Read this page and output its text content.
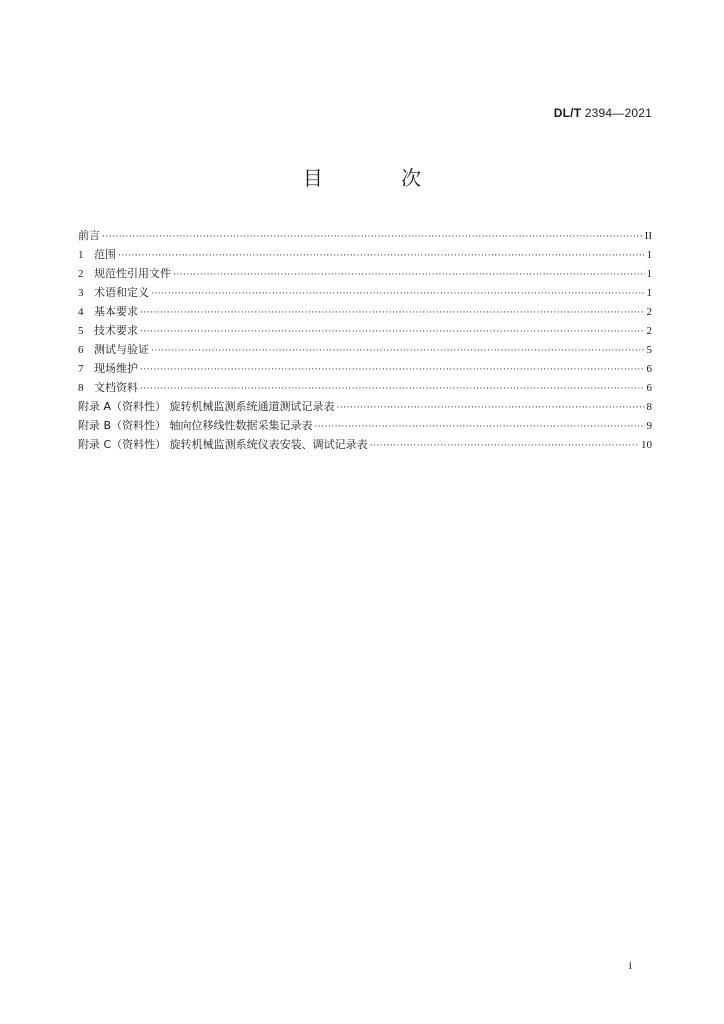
DL/T 2394—2021
目 次
前言 ·····	II
1 范围 ·····	1
2 规范性引用文件 ·····	1
3 术语和定义 ·····	1
4 基本要求 ·····	2
5 技术要求 ·····	2
6 测试与验证 ·····	5
7 现场维护 ·····	6
8 文档资料 ·····	6
附录 A（资料性） 旋转机械监测系统通道测试记录表 ·····	8
附录 B（资料性） 轴向位移线性数据采集记录表 ·····	9
附录 C（资料性） 旋转机械监测系统仪表安装、调试记录表 ·····	10
i
